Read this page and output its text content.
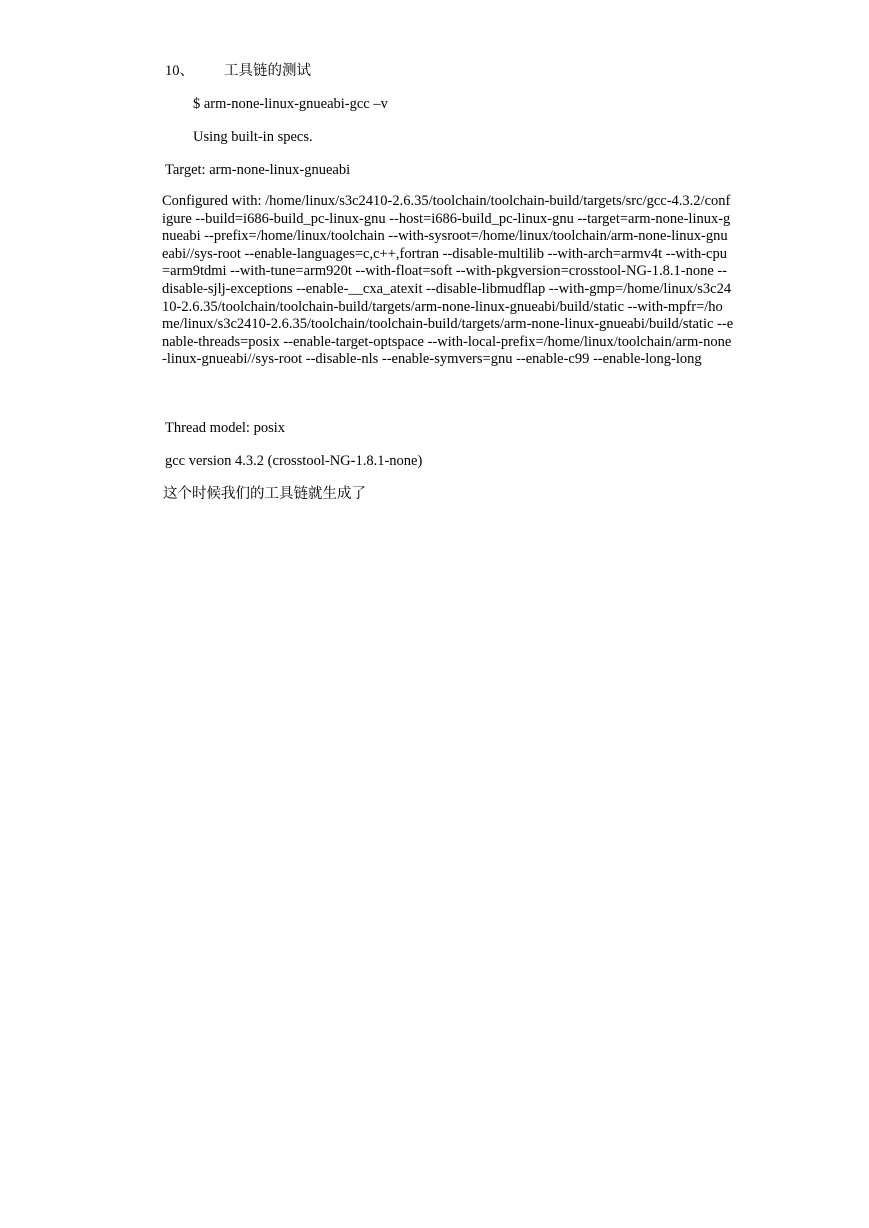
10、 工具链的测试
$ arm-none-linux-gnueabi-gcc –v
Using built-in specs.
Target: arm-none-linux-gnueabi
Configured with: /home/linux/s3c2410-2.6.35/toolchain/toolchain-build/targets/src/gcc-4.3.2/configure --build=i686-build_pc-linux-gnu --host=i686-build_pc-linux-gnu --target=arm-none-linux-gnueabi --prefix=/home/linux/toolchain --with-sysroot=/home/linux/toolchain/arm-none-linux-gnueabi//sys-root --enable-languages=c,c++,fortran --disable-multilib --with-arch=armv4t --with-cpu=arm9tdmi --with-tune=arm920t --with-float=soft --with-pkgversion=crosstool-NG-1.8.1-none --disable-sjlj-exceptions --enable-__cxa_atexit --disable-libmudflap --with-gmp=/home/linux/s3c2410-2.6.35/toolchain/toolchain-build/targets/arm-none-linux-gnueabi/build/static --with-mpfr=/home/linux/s3c2410-2.6.35/toolchain/toolchain-build/targets/arm-none-linux-gnueabi/build/static --enable-threads=posix --enable-target-optspace --with-local-prefix=/home/linux/toolchain/arm-none-linux-gnueabi//sys-root --disable-nls --enable-symvers=gnu --enable-c99 --enable-long-long
Thread model: posix
gcc version 4.3.2 (crosstool-NG-1.8.1-none)
这个时候我们的工具链就生成了
